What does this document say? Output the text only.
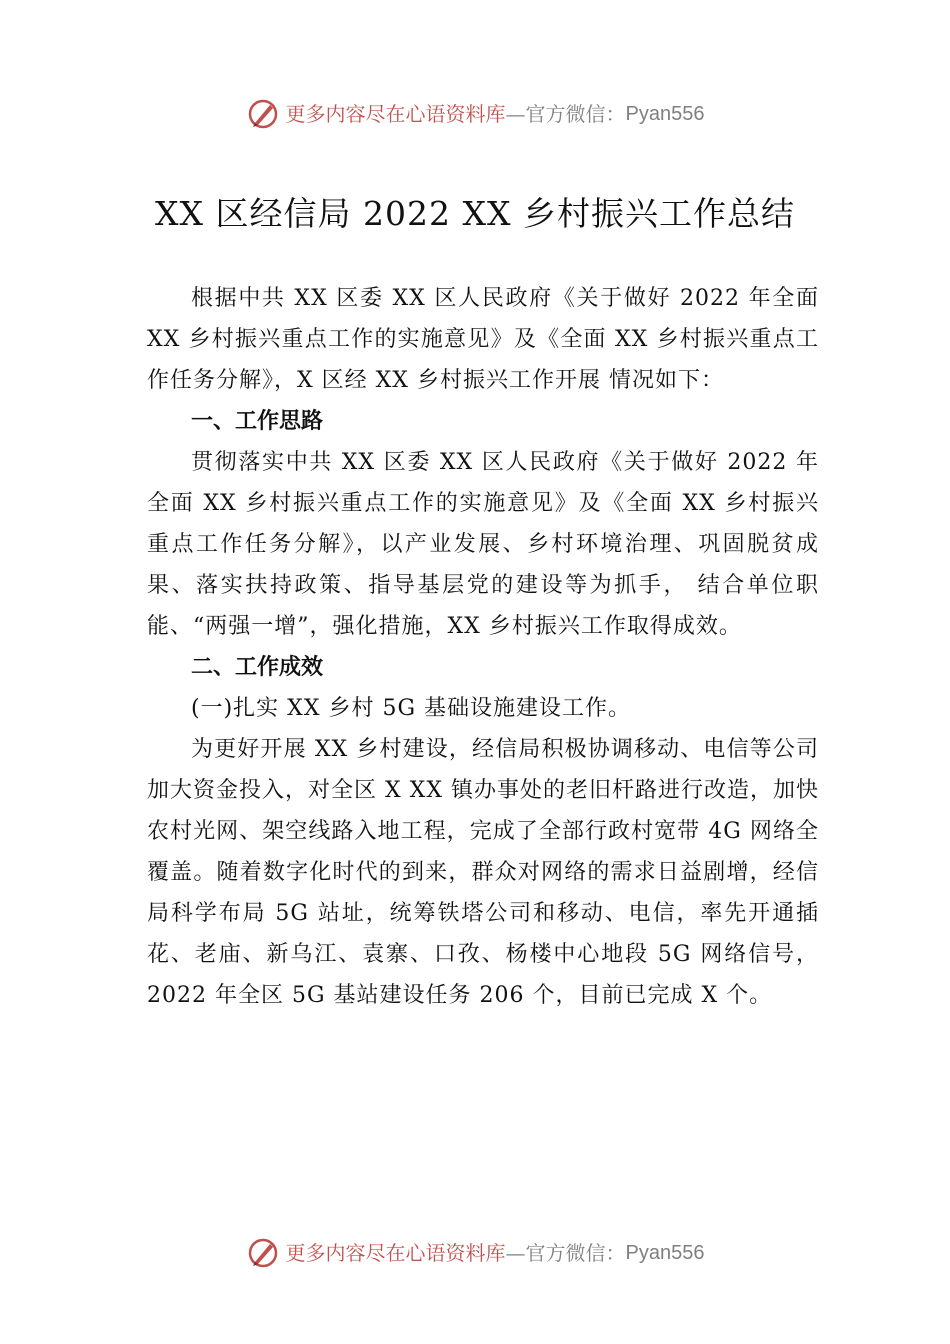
更多内容尽在心语资料库 — 官方微信： Pyan556
XX 区经信局 2022 XX 乡村振兴工作总结

根据中共 XX 区委 XX 区人民政府《关于做好 2022 年全面 XX 乡村振兴重点工作的实施意见》及《全面 XX 乡村振兴重点工作任务分解》，X 区经 XX 乡村振兴工作开展 情况如下：

一、工作思路

贯彻落实中共 XX 区委 XX 区人民政府《关于做好 2022 年全面 XX 乡村振兴重点工作的实施意见》及《全面 XX 乡村振兴重点工作任务分解》，以产业发展、乡村环境治理、巩固脱贫成果、落实扶持政策、指导基层党的建设等为抓手， 结合单位职能、“两强一增”，强化措施，XX 乡村振兴工作取得成效。

二、工作成效

(一)扎实 XX 乡村 5G 基础设施建设工作。

为更好开展 XX 乡村建设，经信局积极协调移动、电信等公司加大资金投入，对全区 X XX 镇办事处的老旧杆路进行改造，加快农村光网、架空线路入地工程，完成了全部行政村宽带 4G 网络全覆盖。随着数字化时代的到来，群众对网络的需求日益剧增，经信局科学布局 5G 站址，统筹铁塔公司和移动、电信，率先开通插花、老庙、新乌江、袁寨、口孜、杨楼中心地段 5G 网络信号，2022 年全区 5G 基站建设任务 206 个，目前已完成 X 个。

更多内容尽在心语资料库 — 官方微信： Pyan556
